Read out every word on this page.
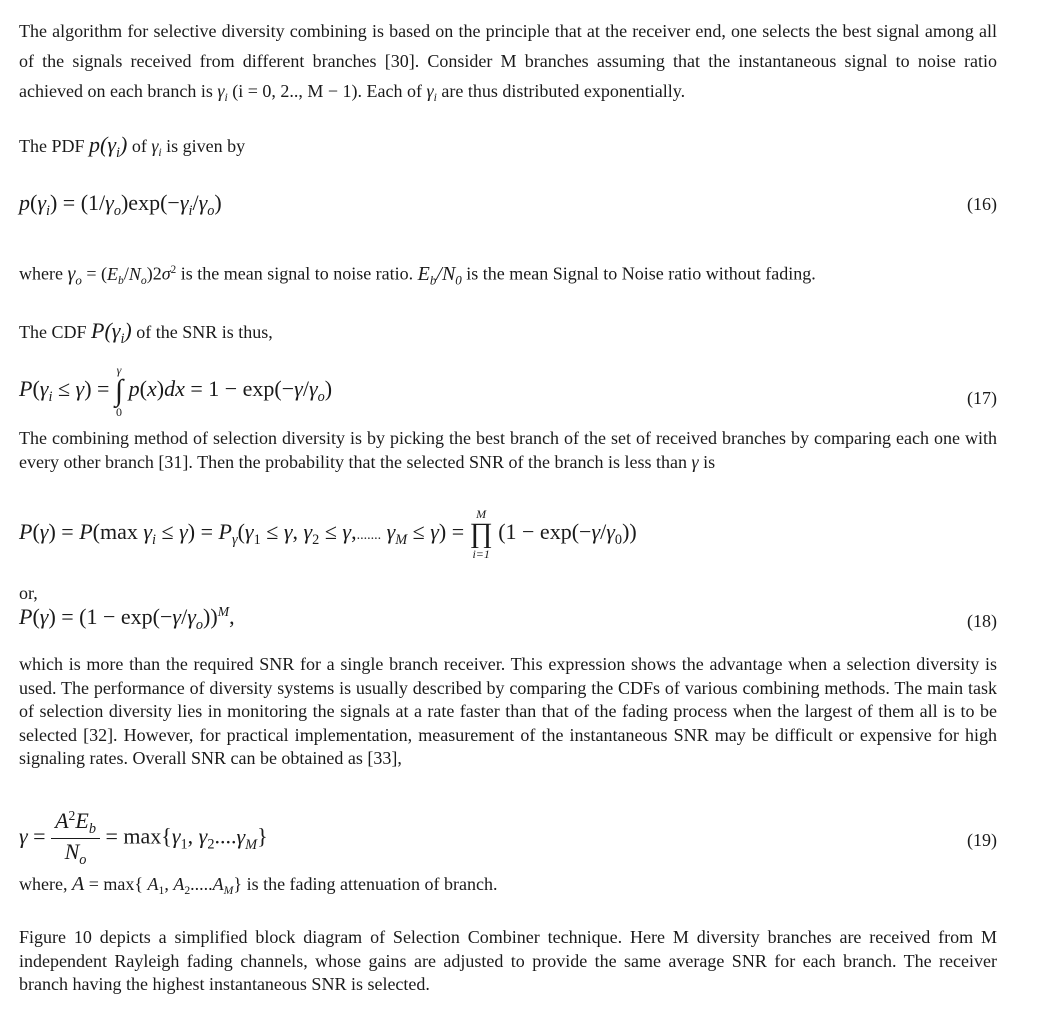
The algorithm for selective diversity combining is based on the principle that at the receiver end, one selects the best signal among all of the signals received from different branches [30]. Consider M branches assuming that the instantaneous signal to noise ratio achieved on each branch is $\gamma_i$ (i = 0, 2.., M − 1). Each of $\gamma_i$ are thus distributed exponentially.

The PDF $p(\gamma_i)$ of $\gamma_i$ is given by

$p(\gamma_i) = (1/\gamma_o)\exp(-\gamma_i/\gamma_o)$	(16)

where $\gamma_o = (E_b/N_o)2\sigma^2$ is the mean signal to noise ratio. $E_b/N_0$ is the mean Signal to Noise ratio without fading.

The CDF $P(\gamma_i)$ of the SNR is thus,

$P(\gamma_i \le \gamma)$ =
γ
∫
0
$p(x)dx = 1 - \exp(-\gamma/\gamma_o)$	(17)

The combining method of selection diversity is by picking the best branch of the set of received branches by comparing each one with every other branch [31]. Then the probability that the selected SNR of the branch is less than γ is

P(γ) = P(max $\gamma_i \le \gamma) = P_\gamma(\gamma_1 \le \gamma$, $\gamma_2 \le \gamma$,....... $\gamma_M \le \gamma$) =
M
∏
i=1
$(1 - \exp(-\gamma/\gamma_0))$

or,

$P(\gamma) = (1 - \exp(-\gamma/\gamma_o))^M$,	(18)

which is more than the required SNR for a single branch receiver. This expression shows the advantage when a selection diversity is used. The performance of diversity systems is usually described by comparing the CDFs of various combining methods. The main task of selection diversity lies in monitoring the signals at a rate faster than that of the fading process when the largest of them all is to be selected [32]. However, for practical implementation, measurement of the instantaneous SNR may be difficult or expensive for high signaling rates. Overall SNR can be obtained as [33],

$\gamma = \frac{A^2E_b}{N_o} = \max\{\gamma_1$, $\gamma_2....\gamma_M$}	(19)

where, A = max{ $A_1$, $A_2.....A_M$} is the fading attenuation of branch.

Figure 10 depicts a simplified block diagram of Selection Combiner technique. Here M diversity branches are received from M independent Rayleigh fading channels, whose gains are adjusted to provide the same average SNR for each branch. The receiver branch having the highest instantaneous SNR is selected.
